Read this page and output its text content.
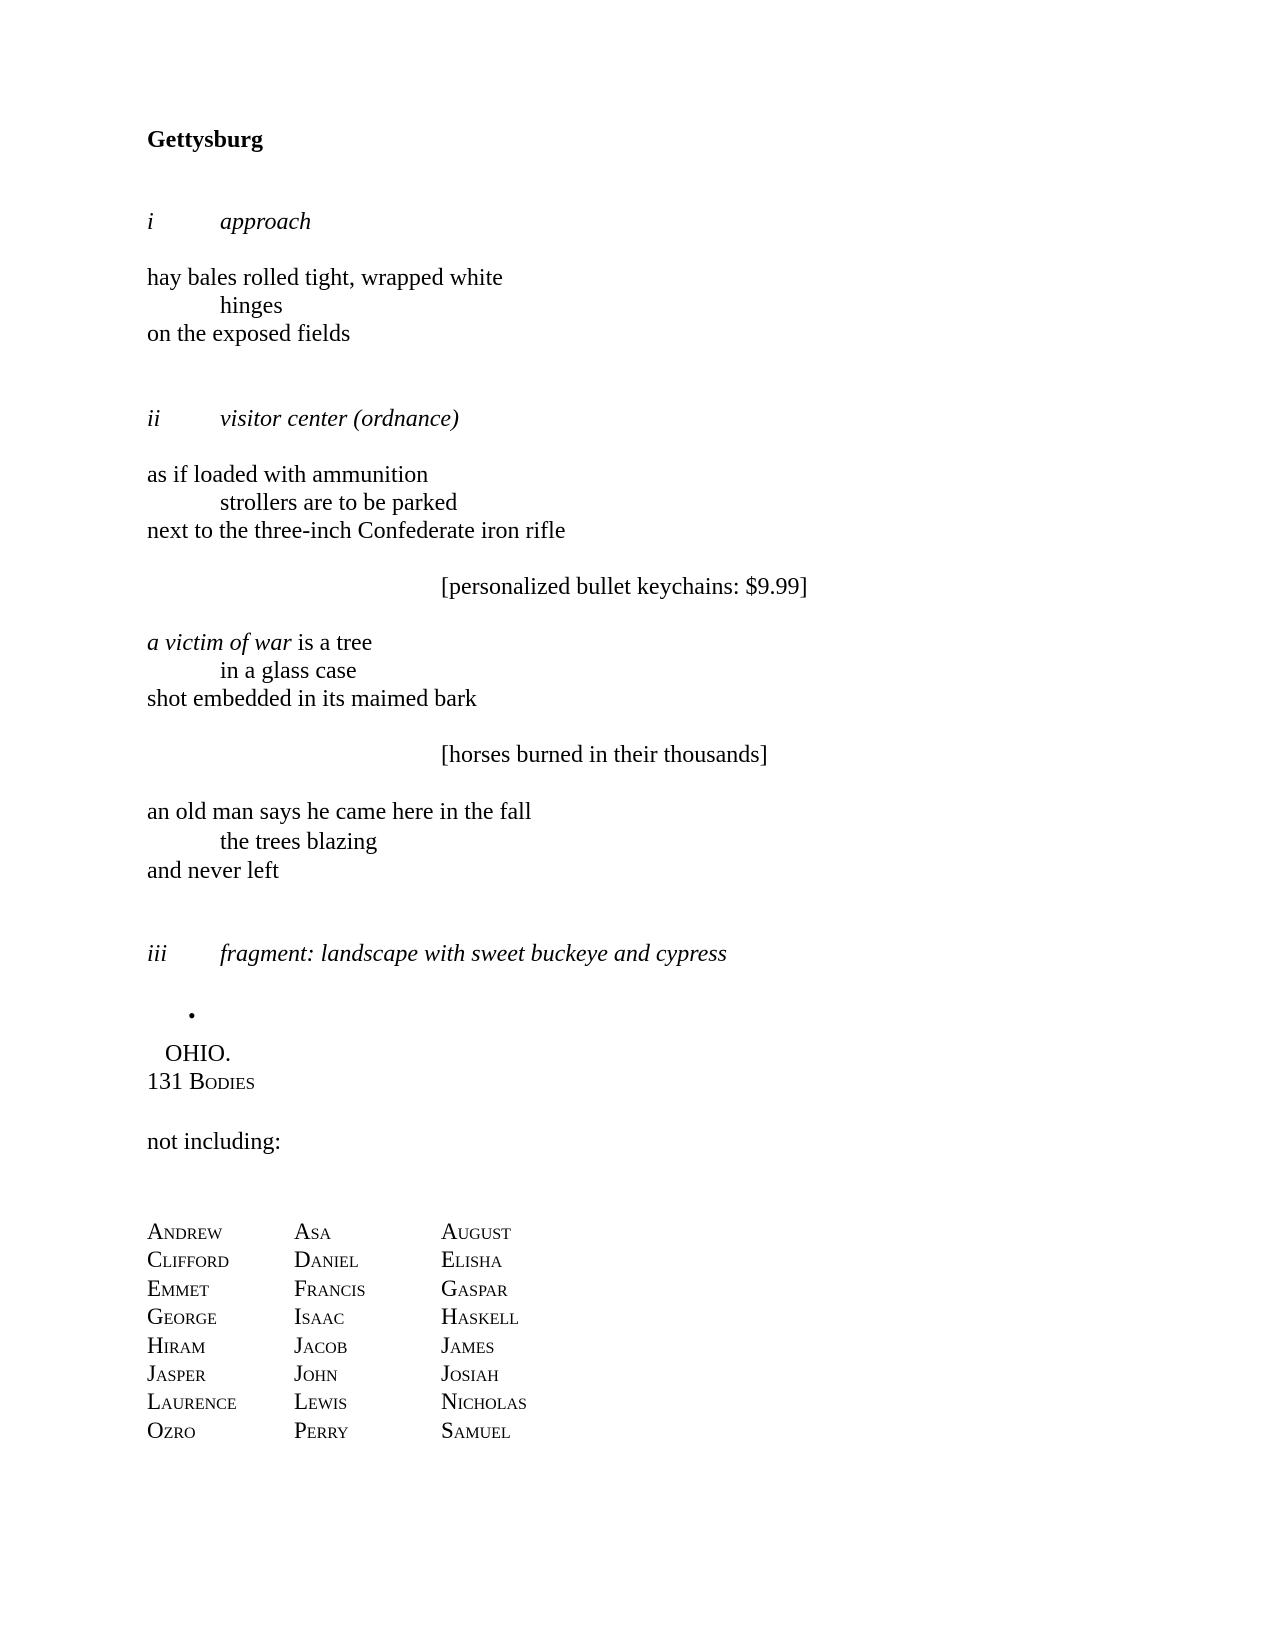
Gettysburg
i	approach
hay bales rolled tight, wrapped white
hinges
on the exposed fields
ii visitor center (ordnance)
as if loaded with ammunition
strollers are to be parked
next to the three-inch Confederate iron rifle
[personalized bullet keychains: $9.99]
a victim of war is a tree
in a glass case
shot embedded in its maimed bark
[horses burned in their thousands]
an old man says he came here in the fall
the trees blazing
and never left
iii fragment: landscape with sweet buckeye and cypress
•
OHIO.
131 Bodies
not including:
Andrew
Clifford
Emmet
George
Hiram
Jasper
Laurence
Ozro
Asa
Daniel
Francis
Isaac
Jacob
John
Lewis
Perry
August
Elisha
Gaspar
Haskell
James
Josiah
Nicholas
Samuel
